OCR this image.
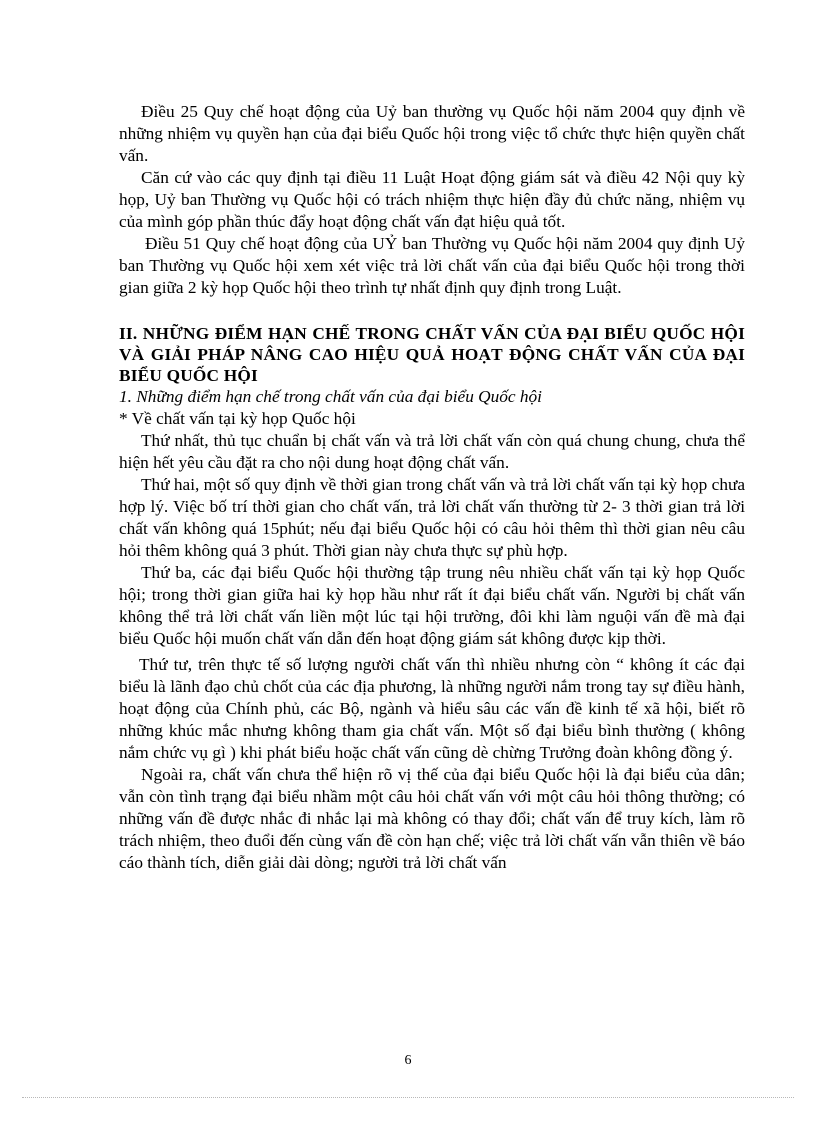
Điều 25 Quy chế hoạt động của Uỷ ban thường vụ Quốc hội năm 2004 quy định về những nhiệm vụ quyền hạn của đại biểu Quốc hội trong việc tổ chức thực hiện quyền chất vấn.

Căn cứ vào các quy định tại điều 11 Luật Hoạt động giám sát và điều 42 Nội quy kỳ họp, Uỷ ban Thường vụ Quốc hội có trách nhiệm thực hiện đầy đủ chức năng, nhiệm vụ của mình góp phần thúc đẩy hoạt động chất vấn đạt hiệu quả tốt.

Điều 51 Quy chế hoạt động của UỶ ban Thường vụ Quốc hội năm 2004 quy định Uỷ ban Thường vụ Quốc hội xem xét việc trả lời chất vấn của đại biểu Quốc hội trong thời gian giữa 2 kỳ họp Quốc hội theo trình tự nhất định quy định trong Luật.

II. NHỮNG ĐIỂM HẠN CHẾ TRONG CHẤT VẤN CỦA ĐẠI BIỂU QUỐC HỘI VÀ GIẢI PHÁP NÂNG CAO HIỆU QUẢ HOẠT ĐỘNG CHẤT VẤN CỦA ĐẠI BIỂU QUỐC HỘI

1. Những điểm hạn chế trong chất vấn của đại biểu Quốc hội

* Về chất vấn tại kỳ họp Quốc hội

Thứ nhất, thủ tục chuẩn bị chất vấn và trả lời chất vấn còn quá chung chung, chưa thể hiện hết yêu cầu đặt ra cho nội dung hoạt động chất vấn.

Thứ hai, một số quy định về thời gian trong chất vấn và trả lời chất vấn tại kỳ họp chưa hợp lý. Việc bố trí thời gian cho chất vấn, trả lời chất vấn thường từ 2- 3 thời gian trả lời chất vấn không quá 15phút; nếu đại biểu Quốc hội có câu hỏi thêm thì thời gian nêu câu hỏi thêm không quá 3 phút. Thời gian này chưa thực sự phù hợp.

Thứ ba, các đại biểu Quốc hội thường tập trung nêu nhiều chất vấn tại kỳ họp Quốc hội; trong thời gian giữa hai kỳ họp hầu như rất ít đại biểu chất vấn. Người bị chất vấn không thể trả lời chất vấn liền một lúc tại hội trường, đôi khi làm nguội vấn đề mà đại biểu Quốc hội muốn chất vấn dẫn đến hoạt động giám sát không được kịp thời.

Thứ tư, trên thực tế số lượng người chất vấn thì nhiều nhưng còn “ không ít các đại biểu là lãnh đạo chủ chốt của các địa phương, là những người nắm trong tay sự điều hành, hoạt động của Chính phủ, các Bộ, ngành và hiểu sâu các vấn đề kinh tế xã hội, biết rõ những khúc mắc nhưng không tham gia chất vấn. Một số đại biểu bình thường ( không nắm chức vụ gì ) khi phát biểu hoặc chất vấn cũng dè chừng Trưởng đoàn không đồng ý.

Ngoài ra, chất vấn chưa thể hiện rõ vị thế của đại biểu Quốc hội là đại biểu của dân; vẫn còn tình trạng đại biểu nhầm một câu hỏi chất vấn với một câu hỏi thông thường; có những vấn đề được nhắc đi nhắc lại mà không có thay đổi; chất vấn để truy kích, làm rõ trách nhiệm, theo đuổi đến cùng vấn đề còn hạn chế; việc trả lời chất vấn vẫn thiên về báo cáo thành tích, diễn giải dài dòng; người trả lời chất vấn

6
